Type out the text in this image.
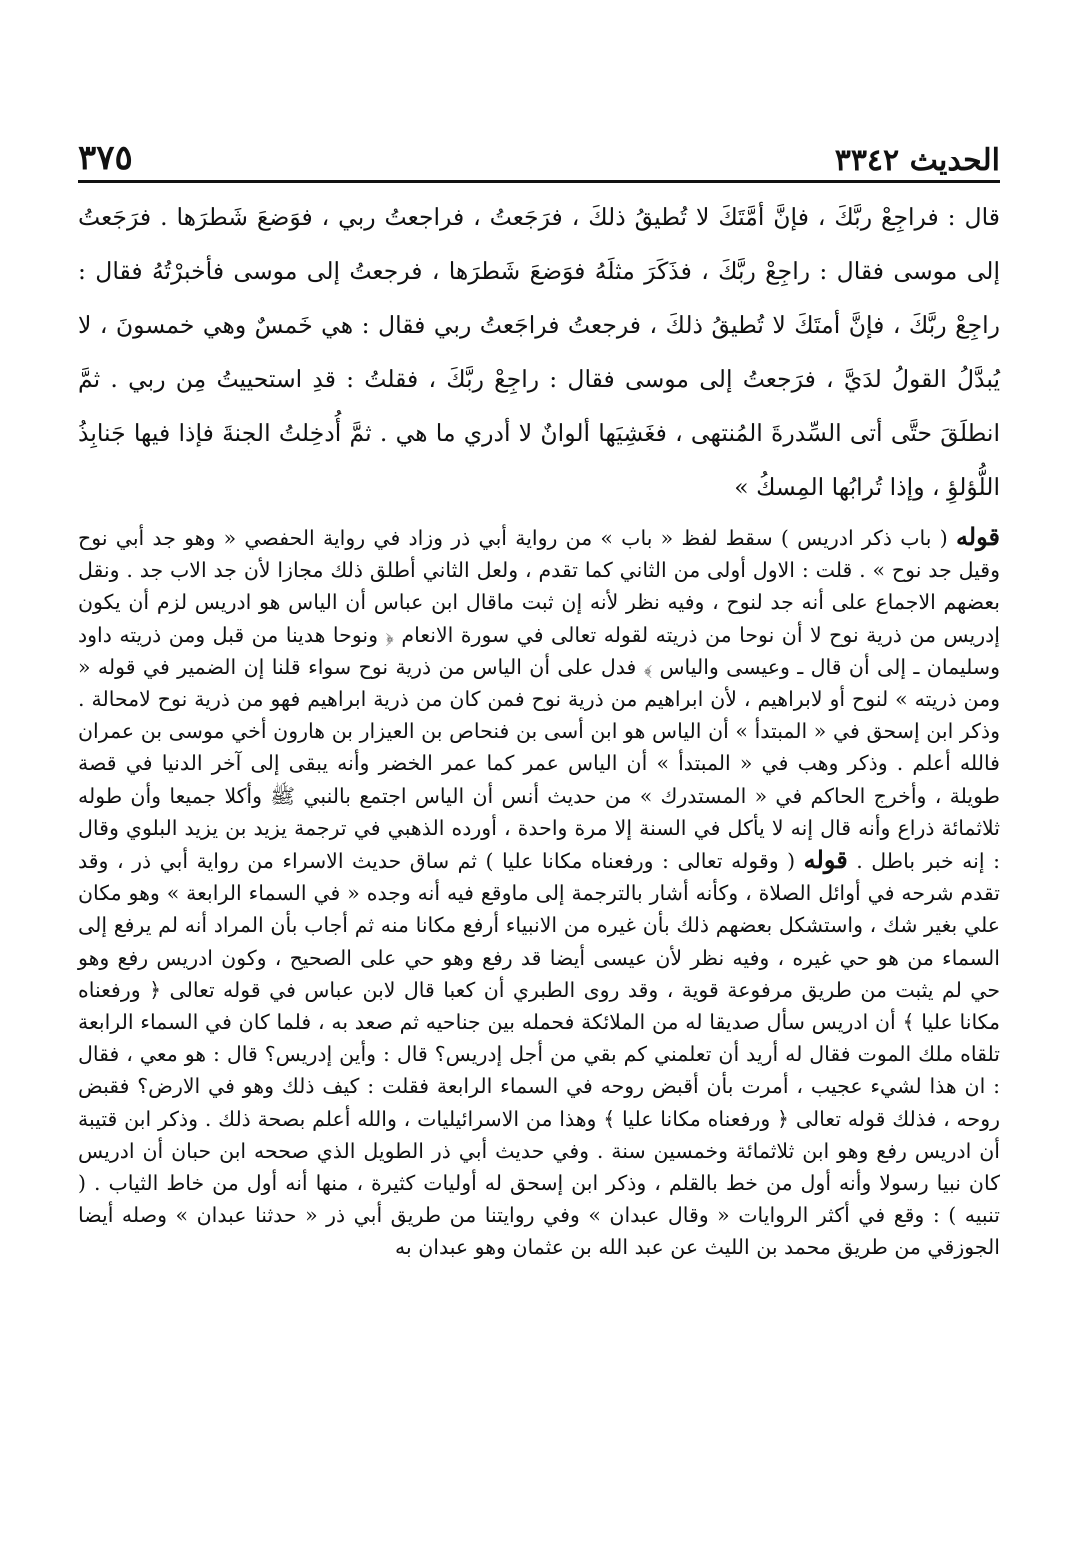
الحديث ٣٣٤٢
٣٧٥
قال : فراجِعْ ربَّكَ ، فإنَّ أمَّتَكَ لا تُطيقُ ذلكَ ، فرَجَعتُ ، فراجعتُ ربي ، فوَضعَ شَطرَها . فرَجَعتُ إلى موسى فقال : راجِعْ ربَّكَ ، فذَكَرَ مثلَهُ فوَضعَ شَطرَها ، فرجعتُ إلى موسى فأخبرْتُهُ فقال : راجِعْ ربَّكَ ، فإنَّ أمتَكَ لا تُطيقُ ذلكَ ، فرجعتُ فراجَعتُ ربي فقال : هي خَمسٌ وهي خمسونَ ، لا يُبدَّلُ القولُ لدَيَّ ، فرَجعتُ إلى موسى فقال : راجِعْ ربَّكَ ، فقلتُ : قدِ استحييتُ مِن ربي . ثمَّ انطلَقَ حتَّى أتى السِّدرةَ المُنتهى ، فغَشِيَها ألوانٌ لا أدري ما هي . ثمَّ أُدخِلتُ الجنةَ فإذا فيها جَنابِذُ اللُّؤلؤِ ، وإذا تُرابُها المِسكُ »

قوله ( باب ذكر ادريس ) سقط لفظ « باب » من رواية أبي ذر وزاد في رواية الحفصي « وهو جد أبي نوح وقيل جد نوح » . قلت : الاول أولى من الثاني كما تقدم ، ولعل الثاني أطلق ذلك مجازا لأن جد الاب جد . ونقل بعضهم الاجماع على أنه جد لنوح ، وفيه نظر لأنه إن ثبت ماقال ابن عباس أن الياس هو ادريس لزم أن يكون إدريس من ذرية نوح لا أن نوحا من ذريته لقوله تعالى في سورة الانعام ﴿ ونوحا هدينا من قبل ومن ذريته داود وسليمان ـ إلى أن قال ـ وعيسى والياس ﴾ فدل على أن الياس من ذرية نوح سواء قلنا إن الضمير في قوله « ومن ذريته » لنوح أو لابراهيم ، لأن ابراهيم من ذرية نوح فمن كان من ذرية ابراهيم فهو من ذرية نوح لامحالة . وذكر ابن إسحق في « المبتدأ » أن الياس هو ابن أسى بن فنحاص بن العيزار بن هارون أخي موسى بن عمران فالله أعلم . وذكر وهب في « المبتدأ » أن الياس عمر كما عمر الخضر وأنه يبقى إلى آخر الدنيا في قصة طويلة ، وأخرج الحاكم في « المستدرك » من حديث أنس أن الياس اجتمع بالنبي ﷺ وأكلا جميعا وأن طوله ثلاثمائة ذراع وأنه قال إنه لا يأكل في السنة إلا مرة واحدة ، أورده الذهبي في ترجمة يزيد بن يزيد البلوي وقال : إنه خبر باطل . قوله ( وقوله تعالى : ورفعناه مكانا عليا ) ثم ساق حديث الاسراء من رواية أبي ذر ، وقد تقدم شرحه في أوائل الصلاة ، وكأنه أشار بالترجمة إلى ماوقع فيه أنه وجده « في السماء الرابعة » وهو مكان علي بغير شك ، واستشكل بعضهم ذلك بأن غيره من الانبياء أرفع مكانا منه ثم أجاب بأن المراد أنه لم يرفع إلى السماء من هو حي غيره ، وفيه نظر لأن عيسى أيضا قد رفع وهو حي على الصحيح ، وكون ادريس رفع وهو حي لم يثبت من طريق مرفوعة قوية ، وقد روى الطبري أن كعبا قال لابن عباس في قوله تعالى ﴿ ورفعناه مكانا عليا ﴾ أن ادريس سأل صديقا له من الملائكة فحمله بين جناحيه ثم صعد به ، فلما كان في السماء الرابعة تلقاه ملك الموت فقال له أريد أن تعلمني كم بقي من أجل إدريس؟ قال : وأين إدريس؟ قال : هو معي ، فقال : ان هذا لشيء عجيب ، أمرت بأن أقبض روحه في السماء الرابعة فقلت : كيف ذلك وهو في الارض؟ فقبض روحه ، فذلك قوله تعالى ﴿ ورفعناه مكانا عليا ﴾ وهذا من الاسرائيليات ، والله أعلم بصحة ذلك . وذكر ابن قتيبة أن ادريس رفع وهو ابن ثلاثمائة وخمسين سنة . وفي حديث أبي ذر الطويل الذي صححه ابن حبان أن ادريس كان نبيا رسولا وأنه أول من خط بالقلم ، وذكر ابن إسحق له أوليات كثيرة ، منها أنه أول من خاط الثياب . ( تنبيه ) : وقع في أكثر الروايات « وقال عبدان » وفي روايتنا من طريق أبي ذر « حدثنا عبدان » وصله أيضا الجوزقي من طريق محمد بن الليث عن عبد الله بن عثمان وهو عبدان به
